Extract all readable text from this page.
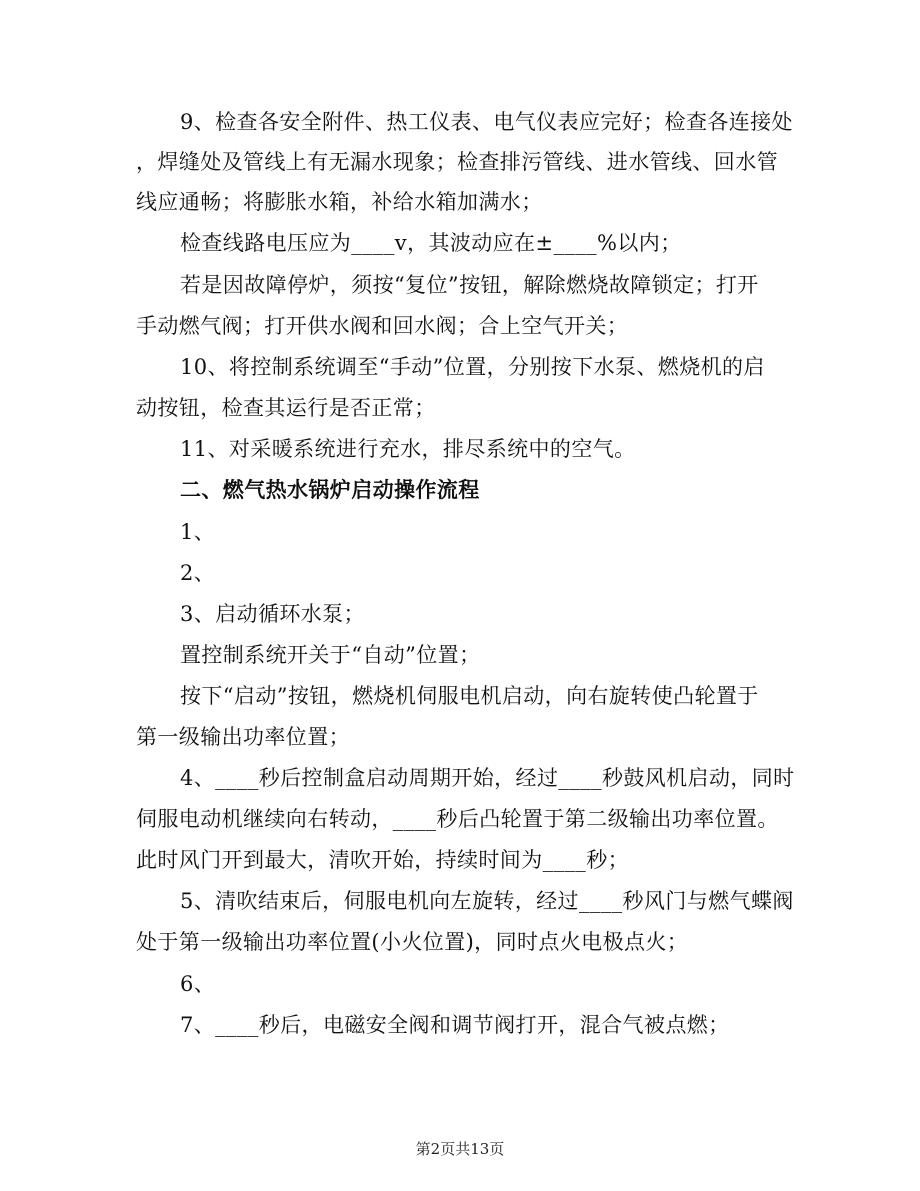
9、检查各安全附件、热工仪表、电气仪表应完好；检查各连接处
，焊缝处及管线上有无漏水现象；检查排污管线、进水管线、回水管
线应通畅；将膨胀水箱，补给水箱加满水；
检查线路电压应为____v，其波动应在±____%以内；
若是因故障停炉，须按“复位”按钮，解除燃烧故障锁定；打开
手动燃气阀；打开供水阀和回水阀；合上空气开关；
10、将控制系统调至“手动”位置，分别按下水泵、燃烧机的启
动按钮，检查其运行是否正常；
11、对采暖系统进行充水，排尽系统中的空气。
二、燃气热水锅炉启动操作流程
1、
2、
3、启动循环水泵；
置控制系统开关于“自动”位置；
按下“启动”按钮，燃烧机伺服电机启动，向右旋转使凸轮置于
第一级输出功率位置；
4、____秒后控制盒启动周期开始，经过____秒鼓风机启动，同时
伺服电动机继续向右转动，____秒后凸轮置于第二级输出功率位置。
此时风门开到最大，清吹开始，持续时间为____秒；
5、清吹结束后，伺服电机向左旋转，经过____秒风门与燃气蝶阀
处于第一级输出功率位置(小火位置)，同时点火电极点火；
6、
7、____秒后，电磁安全阀和调节阀打开，混合气被点燃；
第2页共13页
